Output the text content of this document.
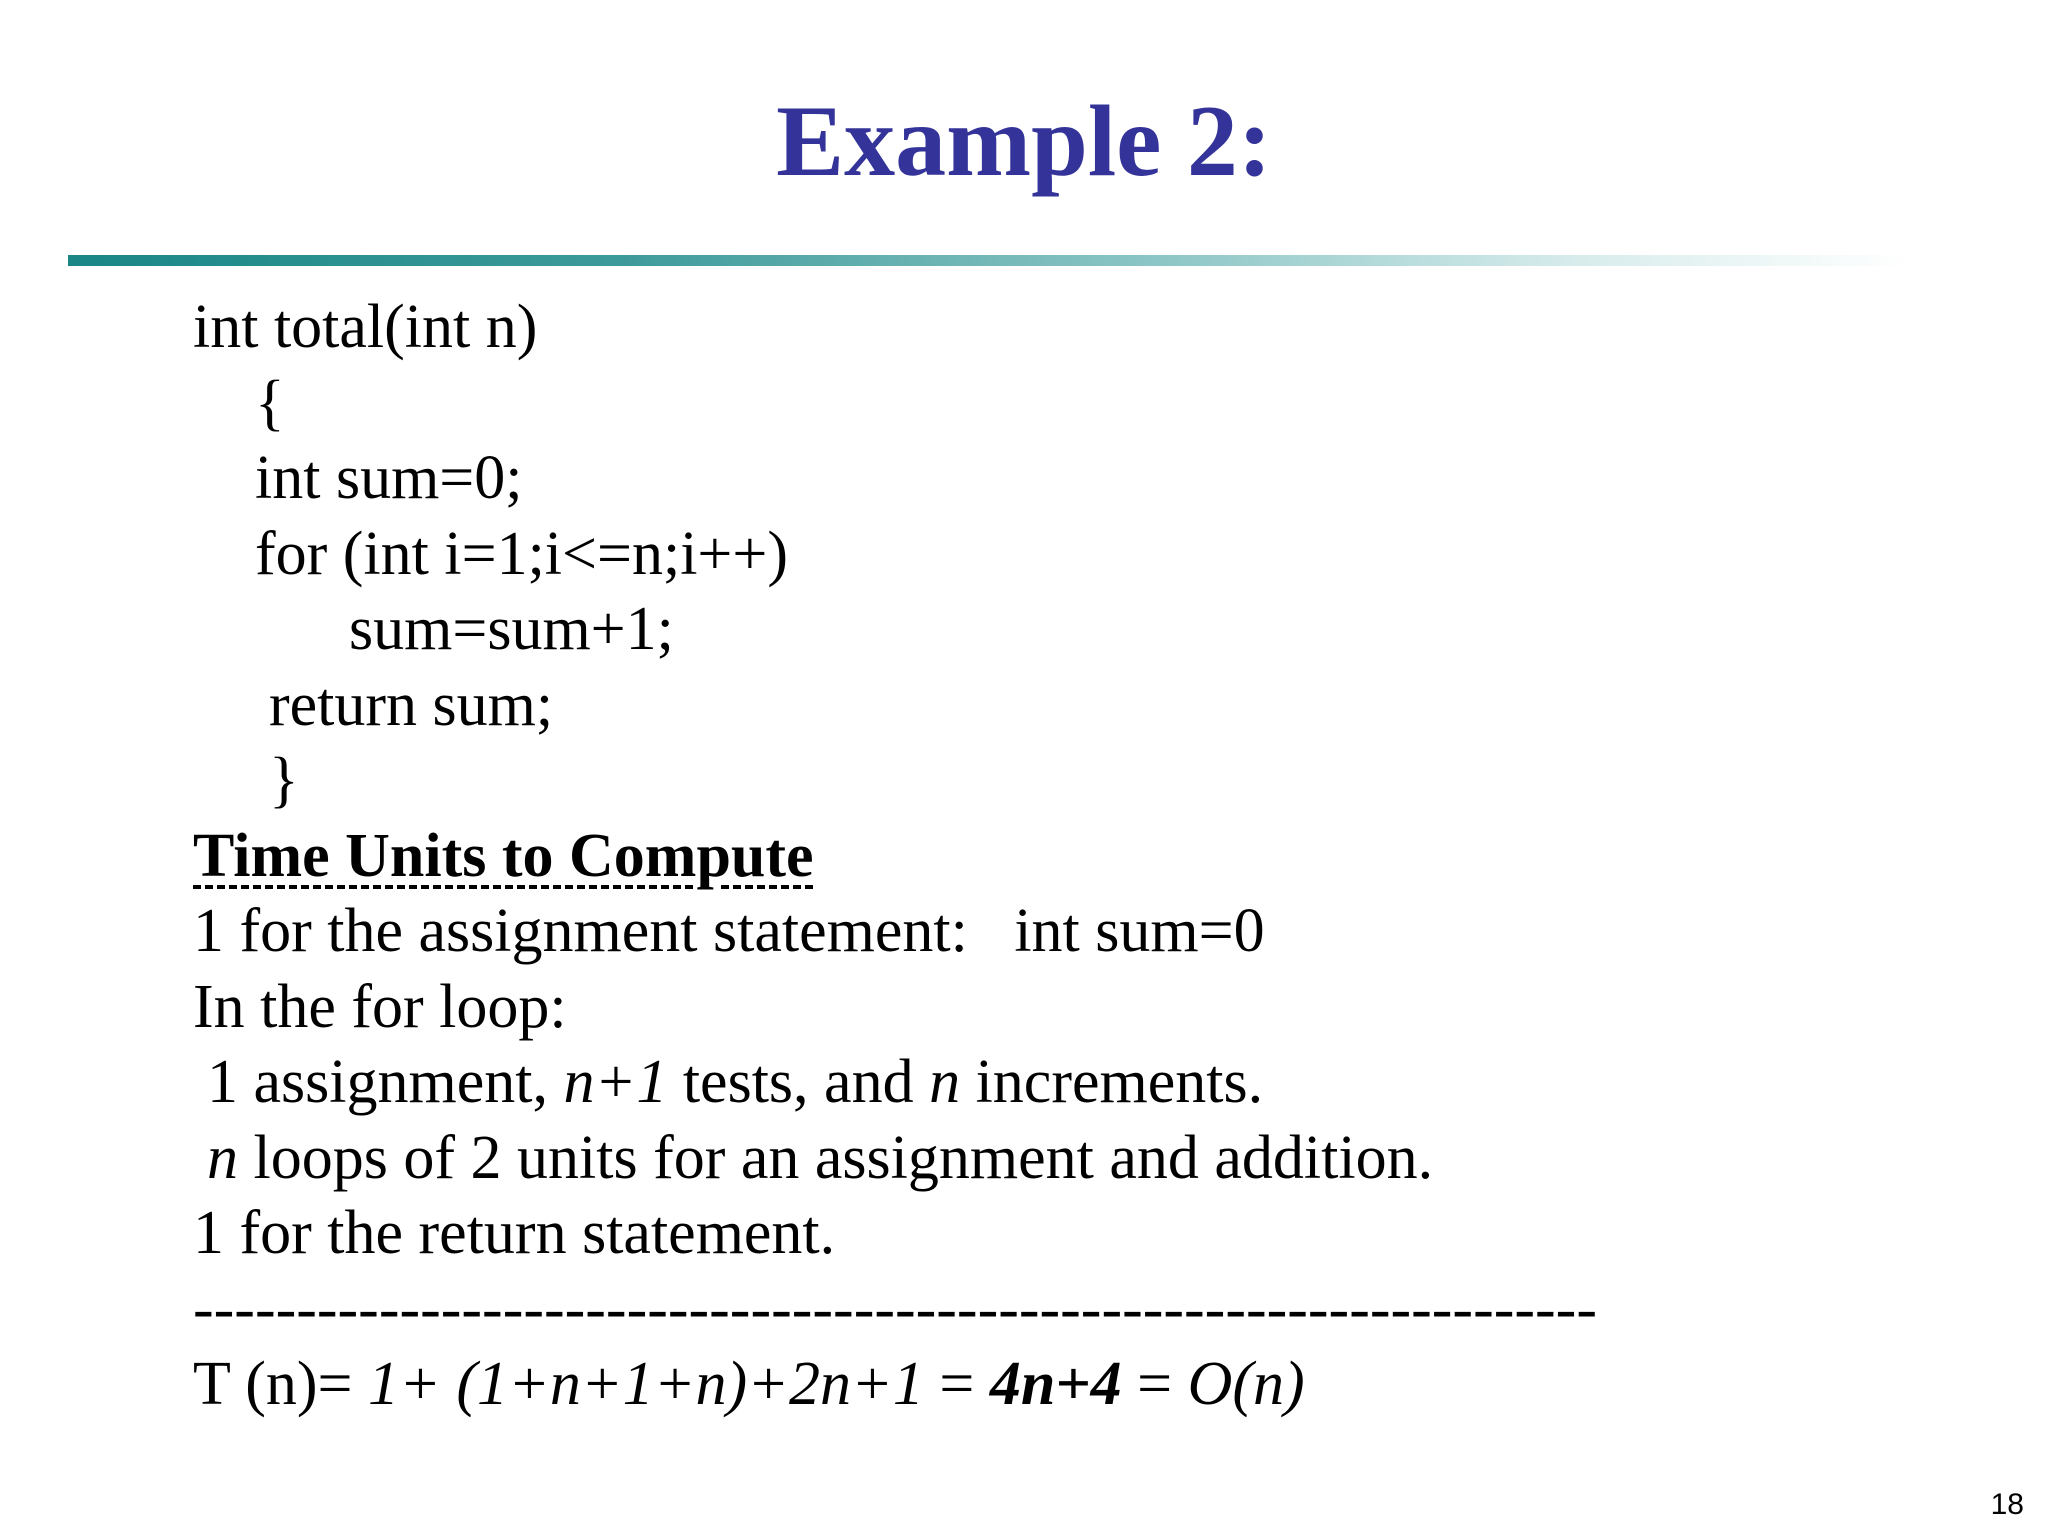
Example 2:
int total(int n)
{
int sum=0;
for (int i=1;i<=n;i++)
sum=sum+1;
return sum;
}
Time Units to Compute
1 for the assignment statement: int sum=0
In the for loop:
1 assignment, n+1 tests, and n increments.
n loops of 2 units for an assignment and addition.
1 for the return statement.
--------------------------------------------------------------------
T (n)= 1+ (1+n+1+n)+2n+1 = 4n+4 = O(n)
18
